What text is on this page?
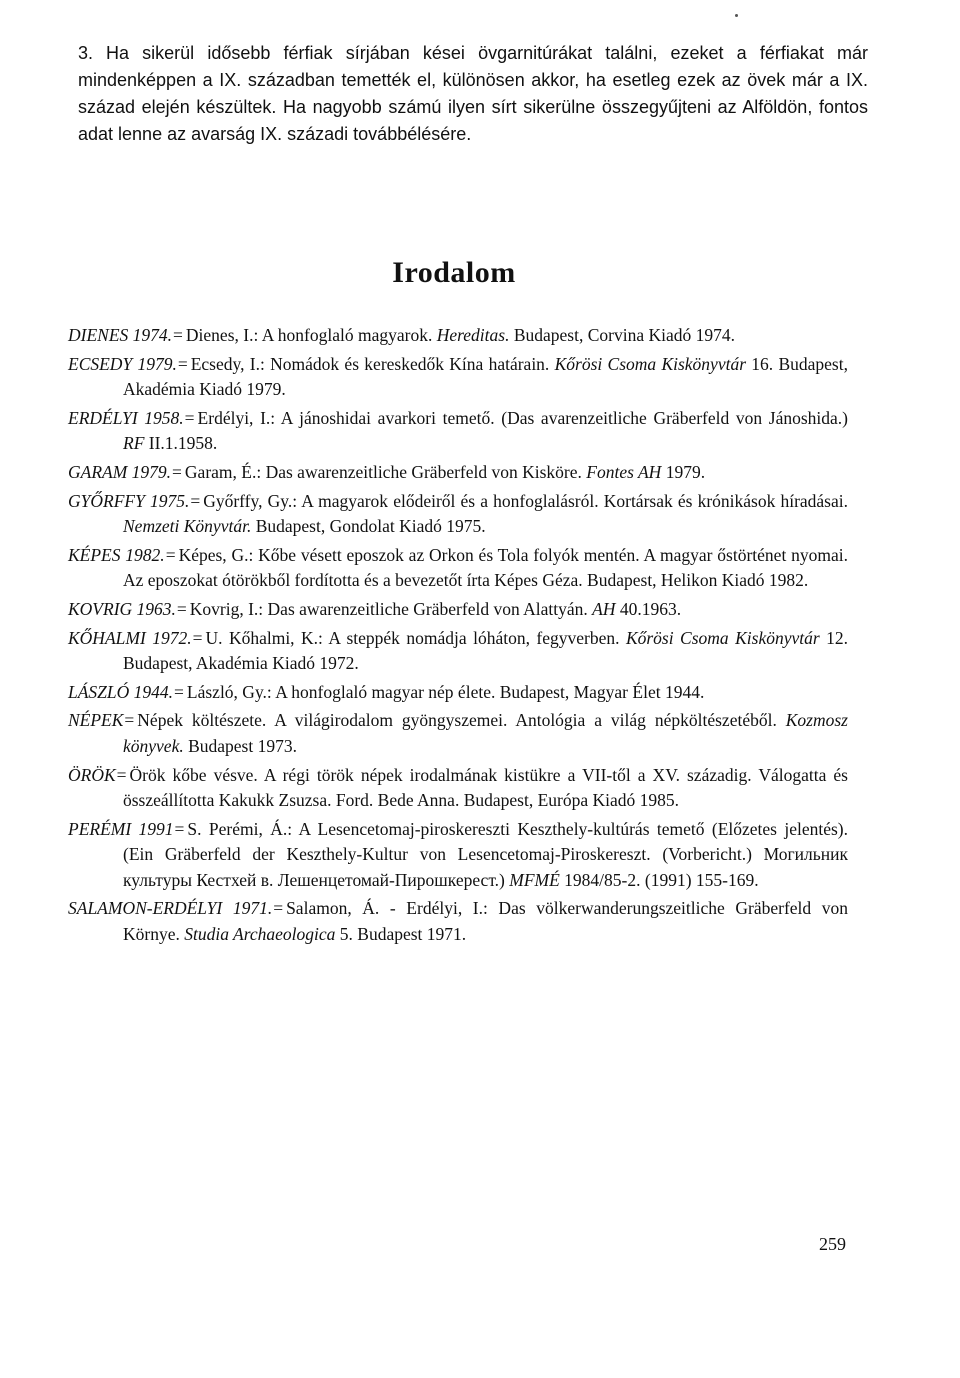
3. Ha sikerül idősebb férfiak sírjában kései övgarnitúrákat találni, ezeket a férfiakat már mindenképpen a IX. században temették el, különösen akkor, ha esetleg ezek az övek már a IX. század elején készültek. Ha nagyobb számú ilyen sírt sikerülne összegyűjteni az Alföldön, fontos adat lenne az avarság IX. századi továbbélésére.
Irodalom
DIENES 1974.= Dienes, I.: A honfoglaló magyarok. Hereditas. Budapest, Corvina Kiadó 1974.
ECSEDY 1979.= Ecsedy, I.: Nomádok és kereskedők Kína határain. Kőrösi Csoma Kiskönyvtár 16. Budapest, Akadémia Kiadó 1979.
ERDÉLYI 1958.= Erdélyi, I.: A jánoshidai avarkori temető. (Das avarenzeitliche Gräberfeld von Jánoshida.) RF II.1.1958.
GARAM 1979.= Garam, É.: Das awarenzeitliche Gräberfeld von Kisköre. Fontes AH 1979.
GYŐRFFY 1975.= Győrffy, Gy.: A magyarok elődeiről és a honfoglalásról. Kortársak és krónikások híradásai. Nemzeti Könyvtár. Budapest, Gondolat Kiadó 1975.
KÉPES 1982.= Képes, G.: Kőbe vésett eposzok az Orkon és Tola folyók mentén. A magyar őstörténet nyomai. Az eposzokat ótörökből fordította és a bevezetőt írta Képes Géza. Budapest, Helikon Kiadó 1982.
KOVRIG 1963.= Kovrig, I.: Das awarenzeitliche Gräberfeld von Alattyán. AH 40.1963.
KŐHALMI 1972.= U. Kőhalmi, K.: A steppék nomádja lóháton, fegyverben. Kőrösi Csoma Kiskönyvtár 12. Budapest, Akadémia Kiadó 1972.
LÁSZLÓ 1944.= László, Gy.: A honfoglaló magyar nép élete. Budapest, Magyar Élet 1944.
NÉPEK= Népek költészete. A világirodalom gyöngyszemei. Antológia a világ népköltészetéből. Kozmosz könyvek. Budapest 1973.
ÖRÖK= Örök kőbe vésve. A régi török népek irodalmának kistükre a VII-től a XV. századig. Válogatta és összeállította Kakukk Zsuzsa. Ford. Bede Anna. Budapest, Európa Kiadó 1985.
PERÉMI 1991= S. Perémi, Á.: A Lesencetomaj-piroskereszti Keszthely-kultúrás temető (Előzetes jelentés). (Ein Gräberfeld der Keszthely-Kultur von Lesencetomaj-Piroskereszt. (Vorbericht.) Могильник культуры Кестхей в. Лешенцетомай-Пирошкерест.) MFMÉ 1984/85-2. (1991) 155-169.
SALAMON-ERDÉLYI 1971.= Salamon, Á. - Erdélyi, I.: Das völkerwanderungszeitliche Gräberfeld von Környe. Studia Archaeologica 5. Budapest 1971.
259
